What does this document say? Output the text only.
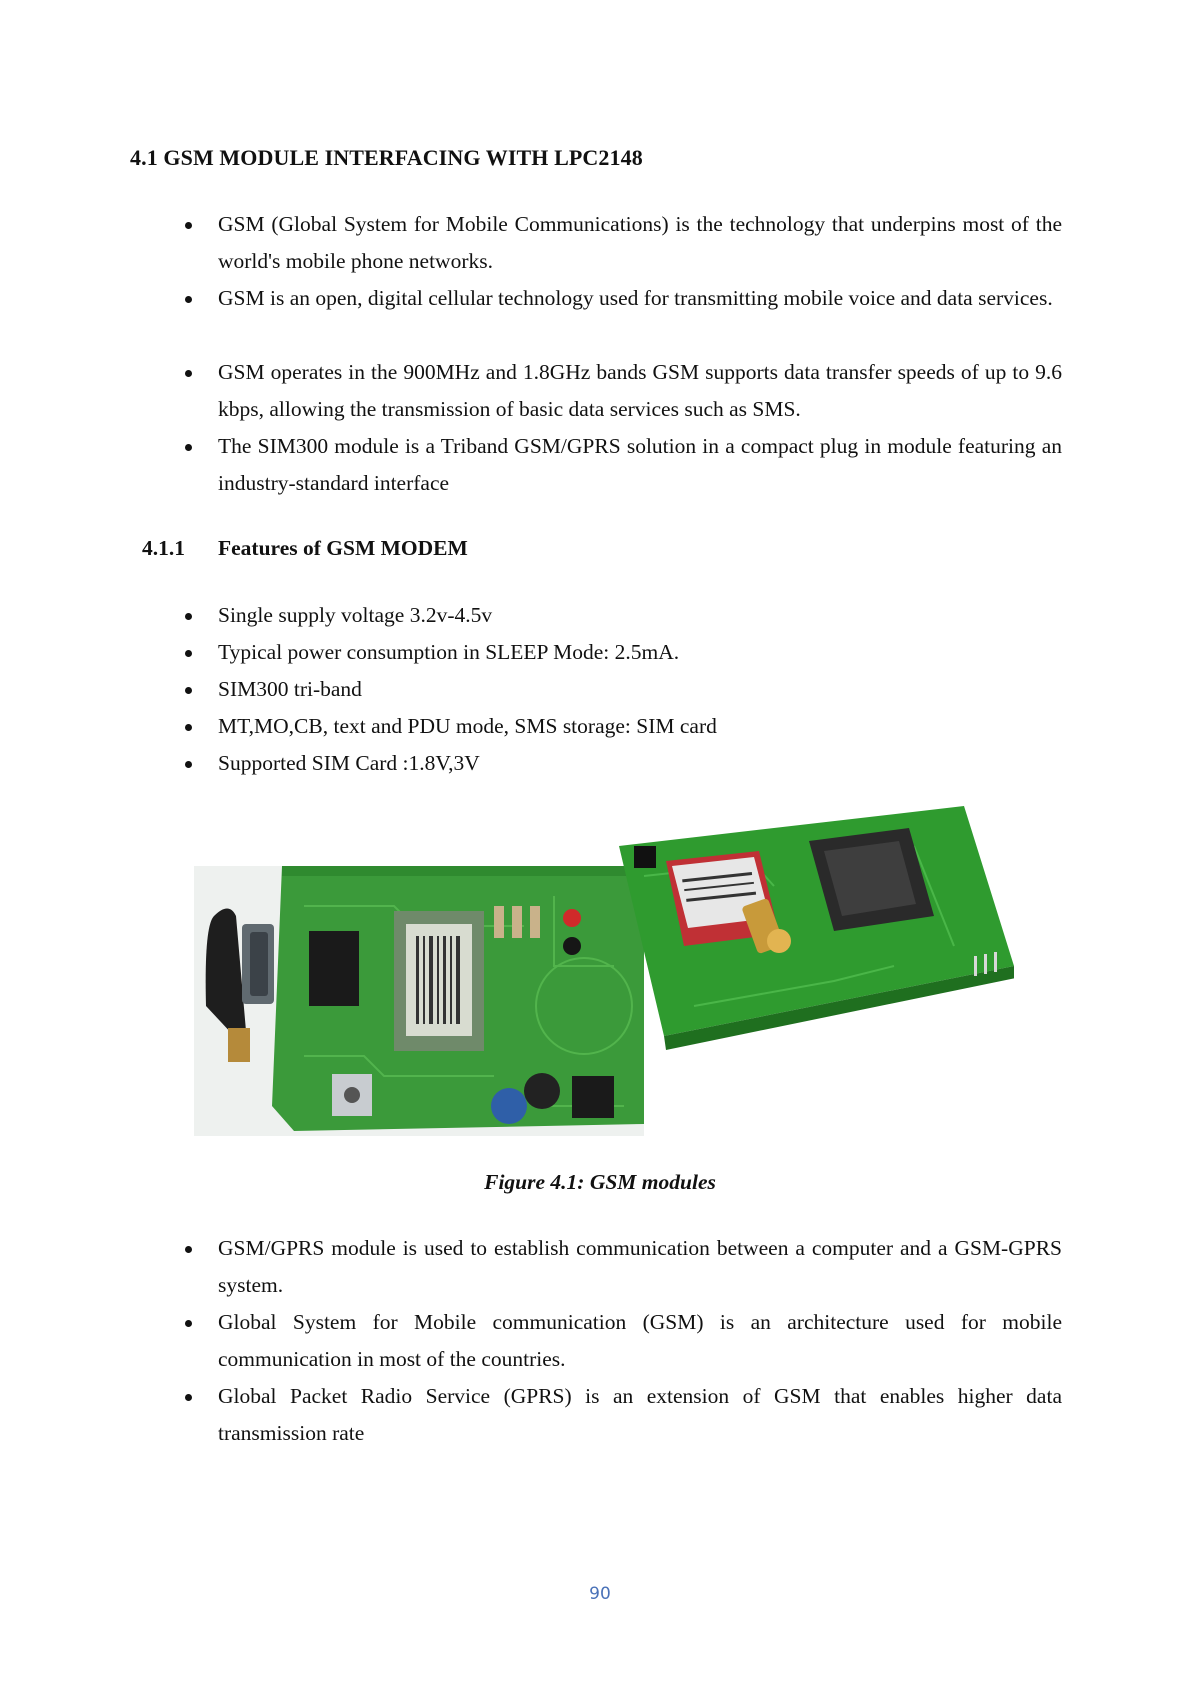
4.1 GSM MODULE INTERFACING WITH LPC2148
GSM (Global System for Mobile Communications) is the technology that underpins most of the world's mobile phone networks.
GSM is an open, digital cellular technology used for transmitting mobile voice and data services.
GSM operates in the 900MHz and 1.8GHz bands GSM supports data transfer speeds of up to 9.6 kbps, allowing the transmission of basic data services such as SMS.
The SIM300 module is a Triband GSM/GPRS solution in a compact plug in module featuring an industry-standard interface
4.1.1 Features of GSM MODEM
Single supply voltage 3.2v-4.5v
Typical power consumption in SLEEP Mode: 2.5mA.
SIM300 tri-band
MT,MO,CB, text and PDU mode, SMS storage: SIM card
Supported SIM Card :1.8V,3V
Figure 4.1: GSM modules
GSM/GPRS module is used to establish communication between a computer and a GSM-GPRS system.
Global System for Mobile communication (GSM) is an architecture used for mobile communication in most of the countries.
Global Packet Radio Service (GPRS) is an extension of GSM that enables higher data transmission rate
90
